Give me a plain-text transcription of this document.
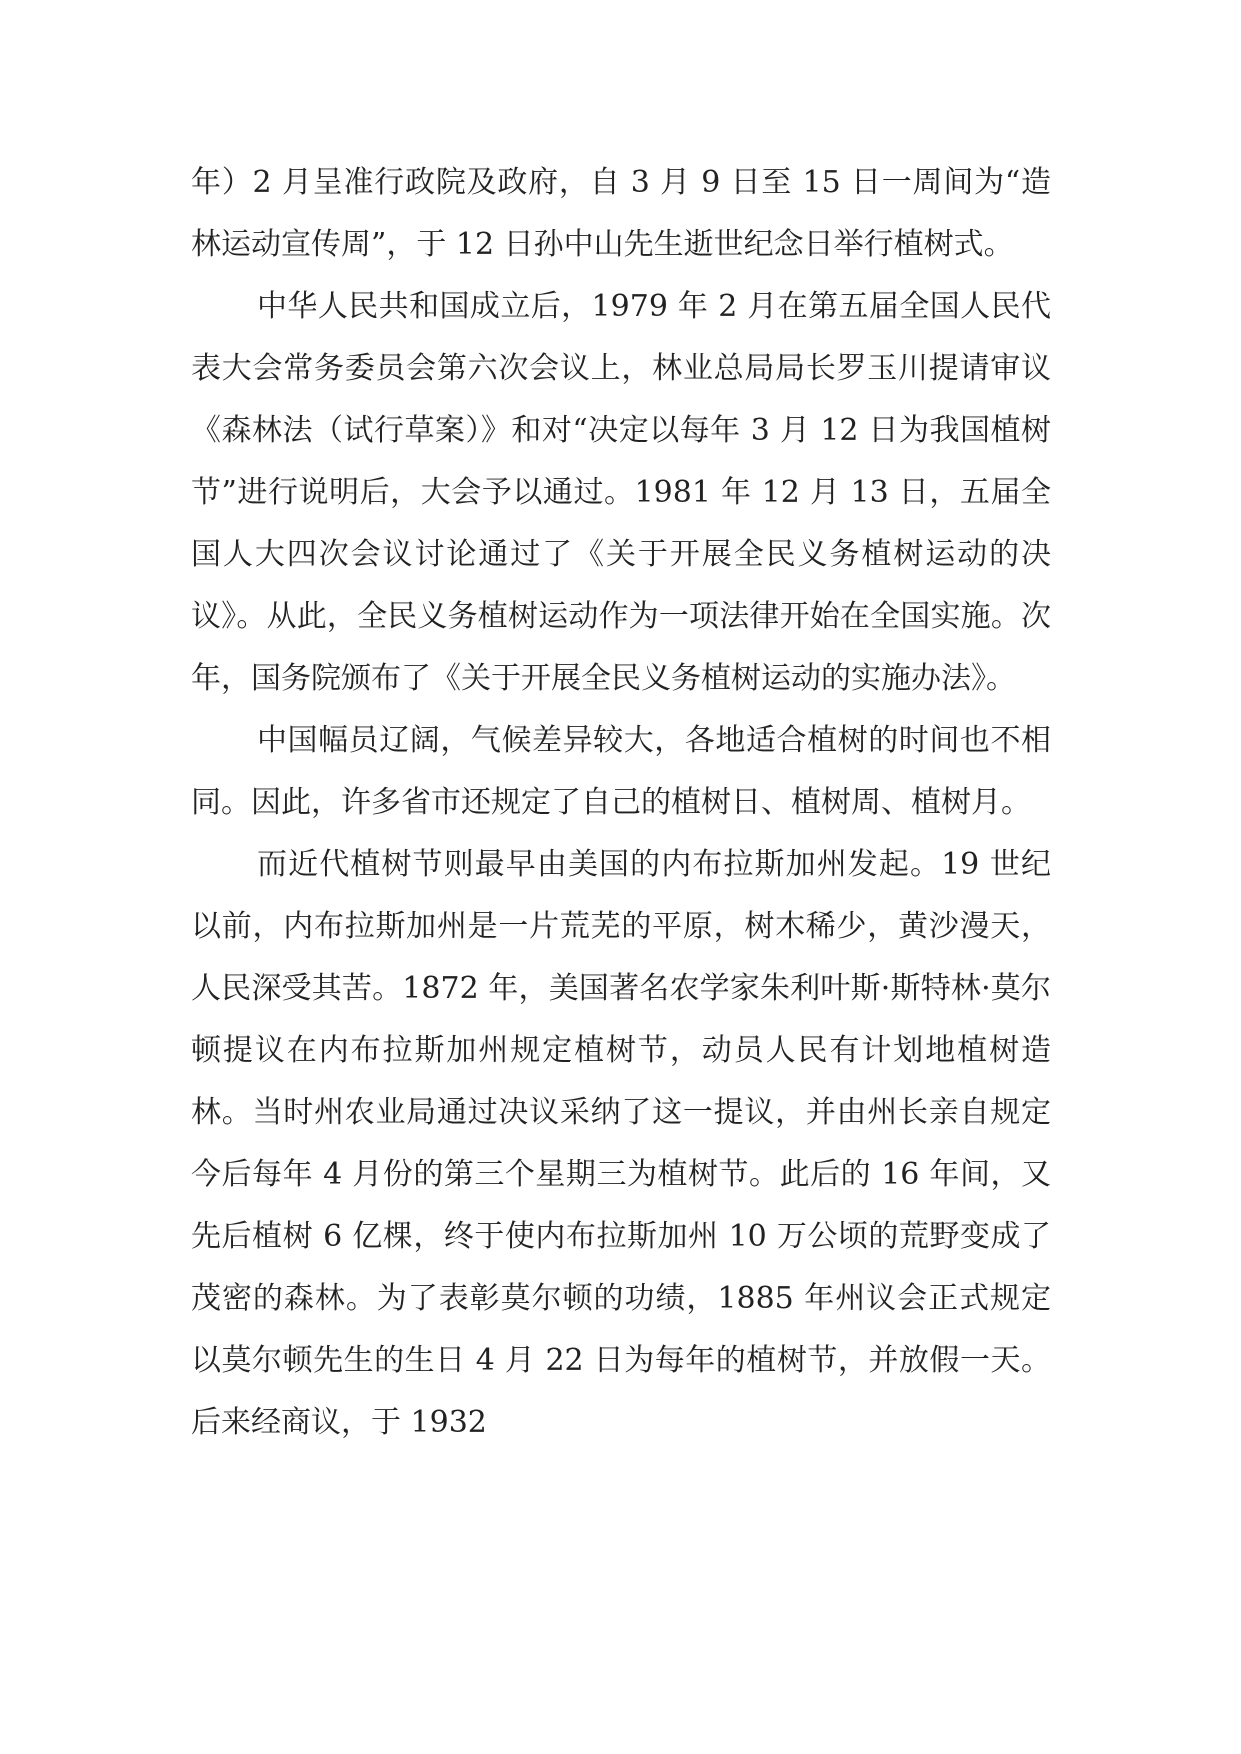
年）2 月呈准行政院及政府，自 3 月 9 日至 15 日一周间为“造林运动宣传周”，于 12 日孙中山先生逝世纪念日举行植树式。

中华人民共和国成立后，1979 年 2 月在第五届全国人民代表大会常务委员会第六次会议上，林业总局局长罗玉川提请审议《森林法（试行草案）》和对“决定以每年 3 月 12 日为我国植树节”进行说明后，大会予以通过。1981 年 12 月 13 日，五届全国人大四次会议讨论通过了《关于开展全民义务植树运动的决议》。从此，全民义务植树运动作为一项法律开始在全国实施。次年，国务院颁布了《关于开展全民义务植树运动的实施办法》。

中国幅员辽阔，气候差异较大，各地适合植树的时间也不相同。因此，许多省市还规定了自己的植树日、植树周、植树月。

而近代植树节则最早由美国的内布拉斯加州发起。19 世纪以前，内布拉斯加州是一片荒芜的平原，树木稀少，黄沙漫天，人民深受其苦。1872 年，美国著名农学家朱利叶斯·斯特林·莫尔顿提议在内布拉斯加州规定植树节，动员人民有计划地植树造林。当时州农业局通过决议采纳了这一提议，并由州长亲自规定今后每年 4 月份的第三个星期三为植树节。此后的 16 年间，又先后植树 6 亿棵，终于使内布拉斯加州 10 万公顷的荒野变成了茂密的森林。为了表彰莫尔顿的功绩，1885 年州议会正式规定以莫尔顿先生的生日 4 月 22 日为每年的植树节，并放假一天。后来经商议，于 1932
